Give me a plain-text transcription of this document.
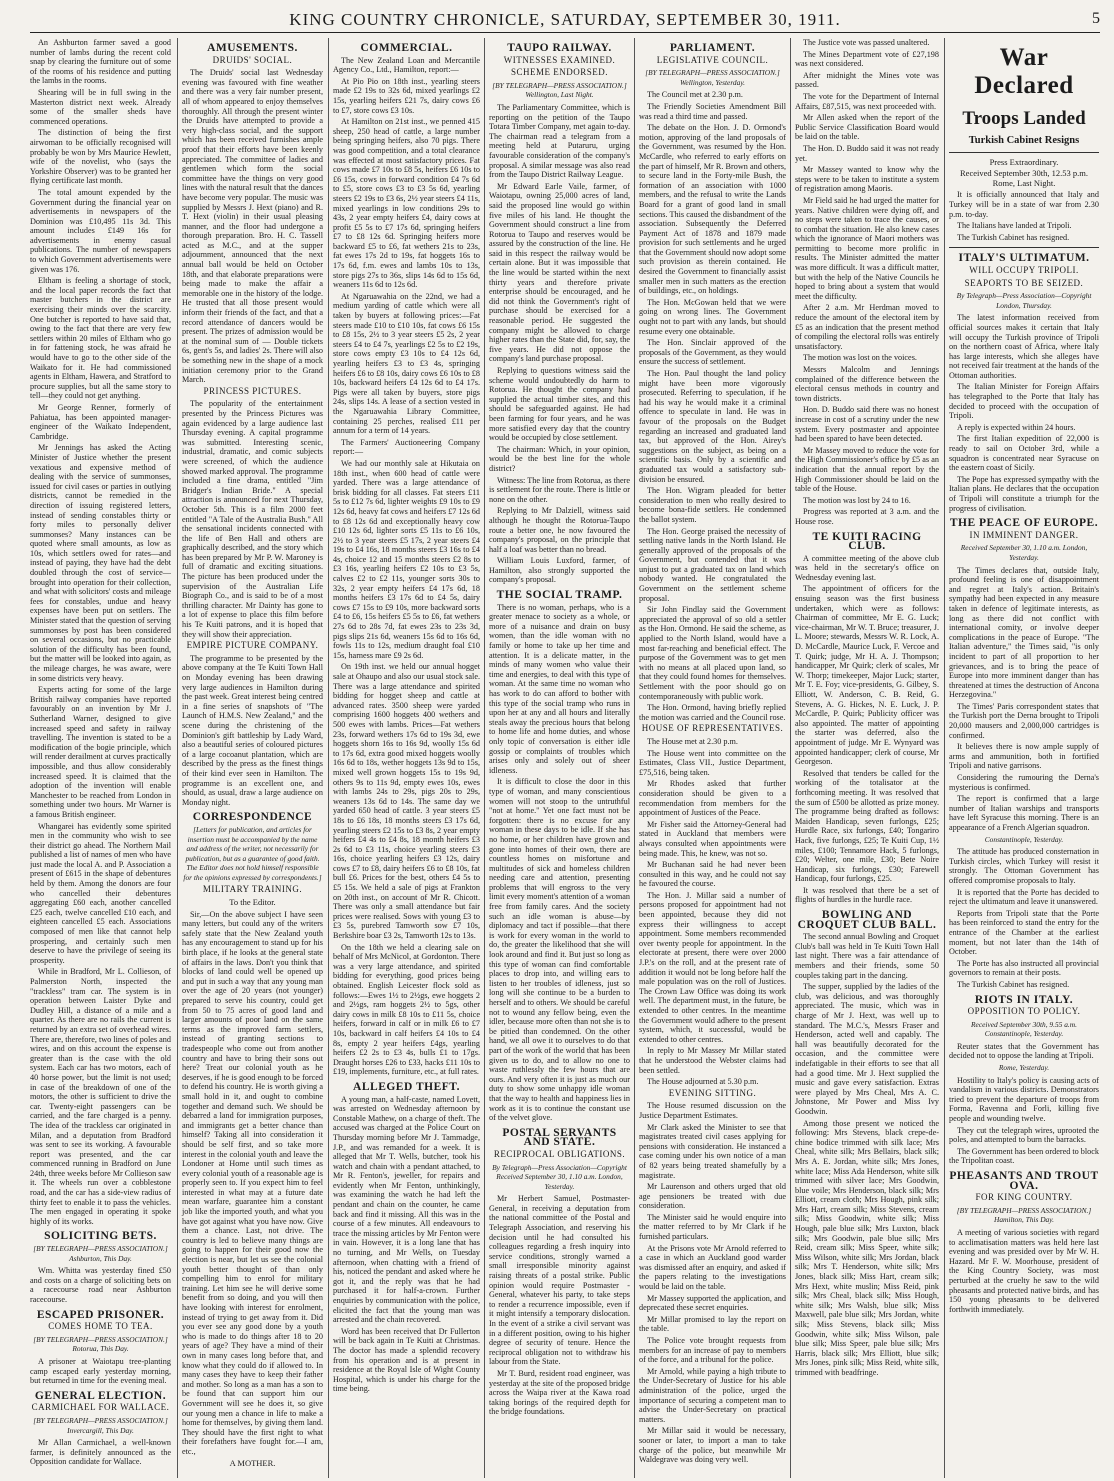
KING COUNTRY CHRONICLE, SATURDAY, SEPTEMBER 30, 1911.	5

An Ashburton farmer saved a good number of lambs during the recent cold snap by clearing the furniture out of some of the rooms of his residence and putting the lambs in the rooms.

Shearing will be in full swing in the Masterton district next week. Already some of the smaller sheds have commenced operations.

The distinction of being the first airwoman to be officially recognised will probably be won by Mrs Maurice Hewlett, wife of the novelist, who (says the Yorkshire Observer) was to be granted her flying certificate last month.

The total amount expended by the Government during the financial year on advertisements in newspapers of the Dominion was £10,495 11s 3d. This amount includes £149 16s for advertisements in enemy casual publications. The number of newspapers to which Government advertisements were given was 176.

Eltham is feeling a shortage of stock, and the local paper records the fact that master butchers in the district are exercising their minds over the scarcity. One butcher is reported to have said that, owing to the fact that there are very few settlers within 20 miles of Eltham who go in for fattening stock, he was afraid he would have to go to the other side of the Waikato for it. He had commissioned agents in Eltham, Hawera, and Stratford to procure supplies, but all the same story to tell—they could not get anything.

Mr George Renner, formerly of Pahiatua, has been appointed manager-engineer of the Waikato Independent, Cambridge.

Mr Jennings has asked the Acting Minister of Justice whether the present vexatious and expensive method of dealing with the service of summonses, issued for civil cases or parties in outlying districts, cannot be remedied in the direction of issuing registered letters, instead of sending constables thirty or forty miles to personally deliver summonses? Many instances can be quoted where small amounts, as low as 10s, which settlers owed for rates—and instead of paying, they have had the debt doubled through the cost of service—brought into operation for their collection, and what with solicitors' costs and mileage fees for constables, undue and heavy expenses have been put on settlers. The Minister stated that the question of serving summonses by post has been considered on several occasions, but no practicable solution of the difficulty has been found, but the matter will be looked into again, as the mileage charges, he was aware, were in some districts very heavy.

Experts acting for some of the large British railway companies have reported favourably on an invention by Mr J. Sutherland Warner, designed to give increased speed and safety in railway travelling. The invention is stated to be a modification of the bogie principle, which will render derailment at curves practically impossible, and thus allow considerably increased speed. It is claimed that the adoption of the invention will enable Manchester to be reached from London in something under two hours. Mr Warner is a famous British engineer.

Whangarei has evidently some spirited men in the community who wish to see their district go ahead. The Northern Mail published a list of names of men who have just made the local A. and P. Association a present of £615 in the shape of debentures held by them. Among the donors are four who cancelled their debentures aggregating £60 each, another cancelled £25 each, twelve cancelled £10 each, and eighteen cancelled £5 each. Associations composed of men like that cannot help prospering, and certainly such men deserve to have the privilege of seeing its prosperity.

While in Bradford, Mr L. Collieson, of Palmerston North, inspected the "trackless" tram car. The system is in operation between Laister Dyke and Dudley Hill, a distance of a mile and a quarter. As there are no rails the current is returned by an extra set of overhead wires. There are, therefore, two lines of poles and wires, and on this account the expense is greater than is the case with the old system. Each car has two motors, each of 40 horse power, but the limit is not used; in case of the breakdown of one of the motors, the other is sufficient to drive the car. Twenty-eight passengers can be carried, and the fare charged is a penny. The idea of the trackless car originated in Milan, and a deputation from Bradford was sent to see its working. A favourable report was presented, and the car commenced running in Bradford on June 24th, three weeks before Mr Collieson saw it. The wheels run over a cobblestone road, and the car has a side-view radius of thirty feet to enable it to pass the vehicles. The men engaged in operating it spoke highly of its works.

SOLICITING BETS.
[BY TELEGRAPH—PRESS ASSOCIATION.] Ashburton, This Day.

Wm. Whitta was yesterday fined £50 and costs on a charge of soliciting bets on a racecourse road near Ashburton racecourse.

ESCAPED PRISONER.
COMES HOME TO TEA.
[BY TELEGRAPH—PRESS ASSOCIATION.] Rotorua, This Day.

A prisoner at Waiotapu tree-planting camp escaped early yesterday morning, but returned in time for the evening meal.

GENERAL ELECTION.
CARMICHAEL FOR WALLACE.
[BY TELEGRAPH—PRESS ASSOCIATION.] Invercargill, This Day.

Mr Allan Carmichael, a well-known farmer, is definitely announced as the Opposition candidate for Wallace.

AMUSEMENTS.
DRUIDS' SOCIAL.

The Druids' social last Wednesday evening was favoured with fine weather and there was a very fair number present, all of whom appeared to enjoy themselves thoroughly. All through the present winter the Druids have attempted to provide a very high-class social, and the support which has been received furnishes ample proof that their efforts have been keenly appreciated. The committee of ladies and gentlemen which form the social committee have the things on very good lines with the natural result that the dances have become very popular. The music was supplied by Messrs J. Hext (piano) and R. T. Hext (violin) in their usual pleasing manner, and the floor had undergone a thorough preparation. Bro. H. C. Tassell acted as M.C., and at the supper adjournment, announced that the next annual ball would be held on October 18th, and that elaborate preparations were being made to make the affair a memorable one in the history of the lodge. He trusted that all those present would inform their friends of the fact, and that a record attendance of dancers would be present. The prizes of admission would be at the nominal sum of — Double tickets 6s, gent's 5s, and ladies' 2s. There will also be something new in the shape of a mock initiation ceremony prior to the Grand March.

PRINCESS PICTURES.

The popularity of the entertainment presented by the Princess Pictures was again evidenced by a large audience last Thursday evening. A capital programme was submitted. Interesting scenic, industrial, dramatic, and comic subjects were screened, of which the audience showed marked approval. The programme included a fine drama, entitled "Jim Bridger's Indian Bride." A special attraction is announced for next Thursday, October 5th. This is a film 2000 feet entitled "A Tale of the Australia Bush." All the sensational incidents connected with the life of Ben Hall and others are graphically described, and the story which has been prepared by Mr P. W. Maroney is full of dramatic and exciting situations. The picture has been produced under the supervision of the Australian Life Biograph Co., and is said to be of a most thrilling character. Mr Dainty has gone to a lot of expense to place this film before his Te Kuiti patrons, and it is hoped that they will show their appreciation.

EMPIRE PICTURE COMPANY.

The programme to be presented by the above company at the Te Kuiti Town Hall on Monday evening has been drawing very large audiences in Hamilton during the past week. Great interest being centred in a fine series of snapshots of "The Launch of H.M.S. New Zealand," and the scene during the christening of the Dominion's gift battleship by Lady Ward, also a beautiful series of coloured pictures of a large cocoanut plantation, which are described by the press as the finest things of their kind ever seen in Hamilton. The programme is an excellent one, and should, as usual, draw a large audience on Monday night.

CORRESPONDENCE
[Letters for publication, and articles for insertion must be accompanied by the name and address of the writer, not necessarily for publication, but as a guarantee of good faith. The Editor does not hold himself responsible for the opinions expressed by correspondents.]
MILITARY TRAINING.
To the Editor.

Sir,—On the above subject I have seen many letters, but could any of the writers safely state that the New Zealand youth has any encouragement to stand up for his birth place, if he looks at the general state of affairs in the laws. Don't you think that blocks of land could well be opened up and put in such a way that any young man over the age of 20 years (not younger) prepared to serve his country, could get from 50 to 75 acres of good land and larger amounts of poor land on the same terms as the improved farm settlers, instead of granting sections to tradespeople who come out from another country and have to bring their sons out here? Treat our colonial youth as he deserves, if he is good enough to be forced to defend his country. He is worth giving a small hold in it, and ought to combine together and demand such. We should be debarred a land for immigration purposes, and immigrants get a better chance than himself? Taking all into consideration it should be self first, and so take more interest in the colonial youth and leave the Londoner at Home until such times as every colonial youth of a reasonable age is properly seen to. If you expect him to feel interested in what may at a future date mean warfare, guarantee him a constant job like the imported youth, and what you have got against what you have now. Give them a chance. Last, not drive. The country is led to believe many things are going to happen for their good now the election is near, but let us see the colonial youth better thought of than only compelling him to enrol for military training. Let him see he will derive some benefit from so doing, and you will then have looking with interest for enrolment, instead of trying to get away from it. Did you ever see any good done by a youth who is made to do things after 18 to 20 years of age? They have a mind of their own in many cases long before that, and know what they could do if allowed to. In many cases they have to keep their father and mother. So long as a man has a son to be found that can support him our Government will see he does it, so give our young men a chance in life to make a home for themselves, by giving them land. They should have the first right to what their forefathers have fought for.—I am, etc.,

A MOTHER.
COMMERCIAL.

The New Zealand Loan and Mercantile Agency Co., Ltd., Hamilton, report:—

At Pio Pio on 18th inst., yearling steers made £2 19s to 32s 6d, mixed yearlings £2 15s, yearling heifers £21 7s, dairy cows £6 to £7, store cows £3 10s.

At Hamilton on 21st inst., we penned 415 sheep, 250 head of cattle, a large number being springing heifers, also 70 pigs. There was good competition, and a total clearance was effected at most satisfactory prices. Fat cows made £7 10s to £8 5s, heifers £6 10s to £6 15s, cows in forward condition £4 7s 6d to £5, store cows £3 to £3 5s 6d, yearling steers £2 19s to £3 6s, 2½ year steers £4 11s, mixed yearlings in low conditions 29s to 43s, 2 year empty heifers £4, dairy cows at profit £5 5s to £7 17s 6d, springing heifers £7 to £8 12s 6d. Springing heifers more backward £5 to £6, fat wethers 21s to 23s, fat ewes 17s 2d to 19s, fat hoggets 16s to 17s 6d, f.m. ewes and lambs 10s to 13s, store pigs 27s to 36s, slips 14s 6d to 15s 6d, weaners 11s 6d to 12s 6d.

At Ngaruawahia on the 22nd, we had a medium yarding of cattle which were all taken by buyers at following prices:—Fat steers made £10 to £10 10s, fat cows £6 15s to £8 15s, 2½ to 3 year steers £5 2s, 2 year steers £4 to £4 7s, yearlings £2 5s to £2 19s, store cows empty £3 10s to £4 12s 6d, yearling heifers £3 to £3 4s, springing heifers £6 to £8 10s, dairy cows £6 10s to £8 10s, backward heifers £4 12s 6d to £4 17s. Pigs were all taken by buyers, store pigs 24s, slips 14s. A lease of a section vested in the Ngaruawahia Library Committee, containing 25 perches, realised £11 per annum for a term of 14 years.

The Farmers' Auctioneering Company report:—

We had our monthly sale at Hikutaia on 18th inst., when 600 head of cattle were yarded. There was a large attendance of brisk bidding for all classes. Fat steers £11 5s to £12 7s 6d, lighter weights £9 10s to £9 12s 6d, heavy fat cows and heifers £7 12s 6d to £8 12s 6d and exceptionally heavy cow £10 12s 6d, lighter sorts £5 11s to £6 10s, 2½ to 3 year steers £5 17s, 2 year steers £4 19s to £4 16s, 18 months steers £3 16s to £4 4s, choice 12 and 15 months steers £2 8s to £3 16s, yearling heifers £2 10s to £3 5s, calves £2 to £2 11s, younger sorts 30s to 32s, 2 year empty heifers £4 17s 6d, 18 months heifers £3 17s 6d to £4 5s, dairy cows £7 15s to £9 10s, more backward sorts £4 to £6, 15s heifers £5 5s to £6, fat wethers 27s 6d to 28s 7d, fat ewes 23s to 23s 3d, pigs slips 21s 6d, weaners 15s 6d to 16s 6d, fowls 11s to 12s, medium draught foal £10 15s, harness mare £9 2s 6d.

On 19th inst. we held our annual hogget sale at Ohaupo and also our usual stock sale. There was a large attendance and spirited bidding for hogget sheep and cattle at advanced rates. 3500 sheep were yarded comprising 1600 hoggets 400 wethers and 500 ewes with lambs. Prices—Fat wethers 23s, forward wethers 17s 6d to 19s 3d, ewe hoggets shorn 16s to 16s 9d, woolly 15s 6d to 17s 6d, extra good mixed hoggets woolly 16s 6d to 18s, wether hoggets 13s 9d to 15s, mixed well grown hoggets 15s to 19s 9d, others 9s to 11s 9d, empty ewes 10s, ewes with lambs 24s to 29s, pigs 20s to 29s, weaners 13s 6d to 14s. The same day we yarded 650 head of cattle. 3 year steers £5 18s to £6 18s, 18 months steers £3 17s 6d, yearling steers £2 15s to £3 8s, 2 year empty heifers £4 4s to £4 8s, 18 month heifers £3 2s 6d to £3 11s, choice yearling steers £3 16s, choice yearling heifers £3 12s, dairy cows £7 to £8, dairy heifers £6 to £8 10s, fat bull £6. Prices for the best, others £4 5s to £5 15s. We held a sale of pigs at Frankton on 20th inst., on account of Mr R. Chicott. There was only a small attendance but fair prices were realised. Sows with young £3 to £3 5s, purebred Tamworth sow £7 10s, Berkshire boar £3 2s, Tamworth 12s to 13s.

On the 18th we held a clearing sale on behalf of Mrs McNicol, at Gordonton. There was a very large attendance, and spirited bidding for everything, good prices being obtained. English Leicester flock sold as follows:—Ewes 1½ to 2½gs, ewe hoggets 2 and 2½gs, ram hoggets 2½ to 5gs, other dairy cows in milk £8 10s to £11 5s, choice heifers, forward in calf or in milk £6 to £7 10s, backward in calf heifers £4 10s to £4 8s, empty 2 year heifers £4gs, yearling heifers £2 2s to £3 4s, bulls £1 to 17gs. Draught horses £26 to £33, hacks £11 10s to £19, implements, furniture, etc., at full rates.

ALLEGED THEFT.

A young man, a half-caste, named Lovett, was arrested on Wednesday afternoon by Constable Mathew, on a charge of theft. The accused was charged at the Police Court on Thursday morning before Mr J. Tammadge, J.P., and was remanded for a week. It is alleged that Mr T. Wells, butcher, took his watch and chain with a pendant attached, to Mr R. Fenton's, jeweller, for repairs and evidently when Mr Fenton, unthinkingly, was examining the watch he had left the pendant and chain on the counter, he came back and find it missing. All this was in the course of a few minutes. All endeavours to trace the missing articles by Mr Fenton were in vain. However, it is a long lane that has no turning, and Mr Wells, on Tuesday afternoon, when chatting with a friend of his, noticed the pendant and asked where he got it, and the reply was that he had purchased it for half-a-crown. Further enquiries by communication with the police, elicited the fact that the young man was arrested and the chain recovered.

Word has been received that Dr Fullerton will be back again in Te Kuiti at Christmas. The doctor has made a splendid recovery from his operation and is at present in residence at the Royal Isle of Wight County Hospital, which is under his charge for the time being.

TAUPO RAILWAY.
WITNESSES EXAMINED.
SCHEME ENDORSED.
[BY TELEGRAPH—PRESS ASSOCIATION.] Wellington, Last Night.

The Parliamentary Committee, which is reporting on the petition of the Taupo Totara Timber Company, met again to-day. The chairman read a telegram from a meeting held at Putaruru, urging favourable consideration of the company's proposal. A similar message was also read from the Taupo District Railway League.

Mr Edward Earle Vaile, farmer, of Waiotapu, owning 25,000 acres of land, said the proposed line would go within five miles of his land. He thought the Government should construct a line from Rotorua to Taupo and reserves would be assured by the construction of the line. He said in this respect the railway would be certain alone. But it was impossible that the line would be started within the next thirty years and therefore private enterprise should be encouraged, and he did not think the Government's right of purchase should be exercised for a reasonable period. He suggested the company might be allowed to charge higher rates than the State did, for, say, the five years. He did not oppose the company's land purchase proposal.

Replying to questions witness said the scheme would undoubtedly do harm to Rotorua. He thought the company had supplied the actual timber sites, and this should be safeguarded against. He had been farming for four years, and he was more satisfied every day that the country would be occupied by close settlement.

The chairman: Which, in your opinion, would be the best line for the whole district?

Witness: The line from Rotorua, as there is settlement for the route. There is little or none on the other.

Replying to Mr Dalziell, witness said although he thought the Rotorua-Taupo route a better one, he now favoured the company's proposal, on the principle that half a loaf was better than no bread.

William Louis Luxford, farmer, of Hamilton, also strongly supported the company's proposal.

THE SOCIAL TRAMP.

There is no woman, perhaps, who is a greater menace to society as a whole, or more of a nuisance and drain on busy women, than the idle woman with no family or home to take up her time and attention. It is a delicate matter, in the minds of many women who value their time and energies, to deal with this type of woman. At the same time no woman who has work to do can afford to bother with this type of the social tramp who runs in upon her at any and all hours and literally steals away the precious hours that belong to home life and home duties, and whose only topic of conversation is either idle gossip or complaints of troubles which arises only and solely out of sheer idleness.

It is difficult to close the door in this type of woman, and many conscientious women will not stoop to the untruthful "not at home." Yet one fact must not be forgotten: there is no excuse for any woman in these days to be idle. If she has no home, or her children have grown and gone into homes of their own, there are countless homes on misfortune and multitudes of sick and homeless children needing care and attention, presenting problems that will engross to the very limit every moment's attention of a woman free from family cares. And the society such an idle woman is abuse—by diplomacy and tact if possible—that there is work for every woman in the world to do, the greater the likelihood that she will look around and find it. But just so long as this type of woman can find comfortable places to drop into, and willing ears to listen to her troubles of idleness, just so long will she continue to be a burden to herself and to others. We should be careful not to wound any fellow being, even the idler, because more often than not she is to be pitied than condemned. On the other hand, we all owe it to ourselves to do that part of the work of the world that has been given us to do, and to allow no one to waste ruthlessly the few hours that are ours. And very often it is just as much our duty to show some unhappy idle woman that the way to health and happiness lies in work as it is to continue the constant use of the velvet glove.

POSTAL SERVANTS AND STATE.
RECIPROCAL OBLIGATIONS.
By Telegraph—Press Association—Copyright Received September 30, 1.10 a.m. London, Yesterday.

Mr Herbert Samuel, Postmaster-General, in receiving a deputation from the national committee of the Postal and Telegraph Association, and reserving his decision until he had consulted his colleagues regarding a fresh inquiry into service conditions, strongly warned a small irresponsible minority against raising threats of a postal strike. Public opinion would require Postmaster - General, whatever his party, to take steps to render a recurrence impossible, even if it might intensify a temporary dislocation. In the event of a strike a civil servant was in a different position, owing to his higher degree of security of tenure. Hence the reciprocal obligation not to withdraw his labour from the State.

Mr T. Burd, resident road engineer, was yesterday at the site of the proposed bridge across the Waipa river at the Kawa road taking borings of the required depth for the bridge foundations.

PARLIAMENT.
LEGISLATIVE COUNCIL.
[BY TELEGRAPH—PRESS ASSOCIATION.] Wellington, Yesterday.

The Council met at 2.30 p.m.

The Friendly Societies Amendment Bill was read a third time and passed.

The debate on the Hon. J. D. Ormond's motion, approving of the land proposals of the Government, was resumed by the Hon. McCardle, who referred to early efforts on the part of himself, Mr R. Brown and others, to secure land in the Forty-mile Bush, the formation of an association with 1000 members, and the refusal to write the Lands Board for a grant of good land in small sections. This caused the disbandment of the association. Subsequently the Deferred Payment Act of 1878 and 1879 made provision for such settlements and he urged that the Government should now adopt some such provision as therein contained. He desired the Government to financially assist smaller men in such matters as the erection of buildings, etc., on holdings.

The Hon. McGowan held that we were going on wrong lines. The Government ought not to part with any lands, but should resume every one obtainable.

The Hon. Sinclair approved of the proposals of the Government, as they would ensure the success of settlement.

The Hon. Paul thought the land policy might have been more vigorously prosecuted. Referring to speculation, if he had his way he would make it a criminal offence to speculate in land. He was in favour of the proposals on the Budget regarding an increased and graduated land tax, but approved of the Hon. Airey's suggestions on the subject, as being on a scientific basis. Only by a scientific and graduated tax would a satisfactory sub-division be ensured.

The Hon. Wigram pleaded for better consideration to men who really desired to become bona-fide settlers. He condemned the ballot system.

The Hon. George praised the necessity of settling native lands in the North Island. He generally approved of the proposals of the Government, but contended that it was unjust to put a graduated tax on land which nobody wanted. He congratulated the Government on the settlement scheme proposal.

Sir John Findlay said the Government appreciated the approval of so old a settler as the Hon. Ormond. He said the scheme, as applied to the North Island, would have a most far-reaching and beneficial effect. The purpose of the Government was to get men with no means at all placed upon land, so that they could found homes for themselves. Settlement with the poor should go on contemporaneously with public work.

The Hon. Ormond, having briefly replied the motion was carried and the Council rose.

HOUSE OF REPRESENTATIVES.

The House met at 2.30 p.m.

The House went into committee on the Estimates, Class VII., Justice Department, £75,516, being taken.

Mr Rhodes asked that further consideration should be given to a recommendation from members for the appointment of Justices of the Peace.

Mr Fisher said the Attorney-General had stated in Auckland that members were always consulted when appointments were being made. This, he knew, was not so.

Mr Buchanan said he had never been consulted in this way, and he could not say he favoured the course.

The Hon. J. Millar said a number of persons proposed for appointment had not been appointed, because they did not express their willingness to accept appointment. Some members recommended over twenty people for appointment. In the electorate at present, there were over 2000 J.P.'s on the roll, and at the present rate of addition it would not be long before half the male population was on the roll of Justices. The Crown Law Office was doing its work well. The department must, in the future, be extended to other centres. In the meantime the Government would adhere to the present system, which, it successful, would be extended to other centres.

In reply to Mr Massey Mr Millar stated that he understood the Webster claims had been settled.

The House adjourned at 5.30 p.m.

EVENING SITTING.

The House resumed discussion on the Justice Department Estimates.

Mr Clark asked the Minister to see that magistrates treated civil cases applying for pensions with consideration. He instanced a case coming under his own notice of a man of 82 years being treated shamefully by a magistrate.

Mr Laurenson and others urged that old age pensioners be treated with due consideration.

The Minister said he would enquire into the matter referred to by Mr Clark if he furnished particulars.

At the Prisons vote Mr Arnold referred to a case in which an Auckland good warder was dismissed after an enquiry, and asked if the papers relating to the investigations would be laid on the table.

Mr Massey supported the application, and deprecated these secret enquiries.

Mr Millar promised to lay the report on the table.

The Police vote brought requests from members for an increase of pay to members of the force, and a tribunal for the police.

Mr Arnold, while paying a high tribute to the Under-Secretary of Justice for his able administration of the police, urged the importance of securing a competent man to advise the Under-Secretary on practical matters.

Mr Millar said it would be necessary, sooner or later, to import a man to take charge of the police, but meanwhile Mr Waldegrave was doing very well.

The Justice vote was passed unaltered.

The Mines Department vote of £27,198 was next considered.

After midnight the Mines vote was passed.

The vote for the Department of Internal Affairs, £87,515, was next proceeded with.

Mr Allen asked when the report of the Public Service Classification Board would be laid on the table.

The Hon. D. Buddo said it was not ready yet.

Mr Massey wanted to know why the steps were to be taken to institute a system of registration among Maoris.

Mr Field said he had urged the matter for years. Native children were dying off, and no steps were taken to trace the causes, or to combat the situation. He also knew cases which the ignorance of Maori mothers was permitting to become more prolific in results. The Minister admitted the matter was more difficult. It was a difficult matter, but with the help of the Native Councils he hoped to bring about a system that would meet the difficulty.

After 2 a.m. Mr Herdman moved to reduce the amount of the electoral item by £5 as an indication that the present method of compiling the electoral rolls was entirely unsatisfactory.

The motion was lost on the voices.

Messrs Malcolm and Jennings complained of the difference between the electoral census methods in country and town districts.

Hon. D. Buddo said there was no honest increase in cost of a scrutiny under the new system. Every postmaster and appointee had been spared to have been detected.

Mr Massey moved to reduce the vote for the High Commissioner's office by £5 as an indication that the annual report by the High Commissioner should be laid on the table of the House.

The motion was lost by 24 to 16.

Progress was reported at 3 a.m. and the House rose.

TE KUITI RACING CLUB.

A committee meeting of the above club was held in the secretary's office on Wednesday evening last.

The appointment of officers for the ensuing season was the first business undertaken, which were as follows: Chairman of committee, Mr E. G. Luck; vice-chairman, Mr W. T. Bruce; treasurer, J. L. Moore; stewards, Messrs W. R. Lock, A. D. McCardle, Maurice Luck, F. Vercoe and T. Quirk; judge, Mr H. A. J. Thompson; handicapper, Mr Quirk; clerk of scales, Mr W. Thorp; timekeeper, Major Luck; starter, Mr T. E. Foy; vice-presidents, G. Gilbey, S. Elliott, W. Anderson, C. B. Reid, G. Stevens, A. G. Hickes, N. E. Luck, J. P. McCardle, P. Quirk; Publicity officer was also appointed. The matter of appointing the starter was deferred, also the appointment of judge. Mr E. Wynyard was appointed handicapper; clerk of course, Mr Georgeson.

Resolved that tenders be called for the working of the totalisator at the forthcoming meeting. It was resolved that the sum of £500 be allotted as prize money. The programme being drafted as follows: Maiden Handicap, seven furlongs, £25; Hurdle Race, six furlongs, £40; Tongariro Hack, five furlongs, £25; Te Kuiti Cup, 1½ miles, £100; Tennamore Hack, 5 furlongs, £20; Welter, one mile, £30; Bete Noire Handicap, six furlongs, £30; Farewell Handicap, four furlongs, £25.

It was resolved that there be a set of flights of hurdles in the hurdle race.

BOWLING AND CROQUET CLUB BALL.

The second annual Bowling and Croquet Club's ball was held in Te Kuiti Town Hall last night. There was a fair attendance of members and their friends, some 50 couples taking part in the dancing.

The supper, supplied by the ladies of the club, was delicious, and was thoroughly appreciated. The music, which was in charge of Mr J. Hext, was well up to standard. The M.C.'s, Messrs Fraser and Henderson, acted well and capably. The hall was beautifully decorated for the occasion, and the committee were indefatigable in their efforts to see that all had a good time. Mr J. Hext supplied the music and gave every satisfaction. Extras were played by Mrs Cheal, Mrs A. C. Johnstone, Mr Power and Miss Ivy Goodwin.

Among those present we noticed the following: Mrs Stevens, black crepe-de-chine bodice trimmed with silk lace; Mrs Cheal, white silk; Mrs Bellairs, black silk; Mrs A. E. Jordan, white silk; Mrs Jones, white lace; Miss Ada Henderson, white silk trimmed with silver lace; Mrs Goodwin, blue voile; Mrs Henderson, black silk; Mrs Elliott, cream cloth; Mrs Hough, pink silk; Mrs Hart, cream silk; Miss Stevens, cream silk; Miss Goodwin, white silk; Miss Hough, pale blue silk; Mrs Luxton, black silk; Mrs Goodwin, pale blue silk; Mrs Reid, cream silk; Miss Speer, white silk; Miss Wilson, white silk; Mrs Jordan, black silk; Mrs T. Henderson, white silk; Mrs Jones, black silk; Miss Hart, cream silk; Mrs Hext, white muslin; Miss Reid, pink silk; Mrs Cheal, black silk; Miss Hough, white silk; Mrs Walsh, blue silk; Miss Maxwell, pale blue silk; Mrs Jordan, white silk; Miss Stevens, black silk; Miss Goodwin, white silk; Miss Wilson, pale blue silk; Miss Speer, pale blue silk; Mrs Harris, black silk; Mrs Elliott, blue silk; Mrs Jones, pink silk; Miss Reid, white silk, trimmed with beadfringe.

War Declared
Troops Landed
Turkish Cabinet Resigns
Press Extraordinary.
Received September 30th, 12.53 p.m. Rome, Last Night.

It is officially announced that Italy and Turkey will be in a state of war from 2.30 p.m. to-day.

The Italians have landed at Tripoli.

The Turkish Cabinet has resigned.

ITALY'S ULTIMATUM.
WILL OCCUPY TRIPOLI.
SEAPORTS TO BE SEIZED.
By Telegraph—Press Association—Copyright London, Thursday.

The latest information received from official sources makes it certain that Italy will occupy the Turkish province of Tripoli on the northern coast of Africa, where Italy has large interests, which she alleges have not received fair treatment at the hands of the Ottoman authorities.

The Italian Minister for Foreign Affairs has telegraphed to the Porte that Italy has decided to proceed with the occupation of Tripoli.

A reply is expected within 24 hours.

The first Italian expedition of 22,000 is ready to sail on October 3rd, while a squadron is concentrated near Syracuse on the eastern coast of Sicily.

The Pope has expressed sympathy with the Italian plans. He declares that the occupation of Tripoli will constitute a triumph for the progress of civilisation.

THE PEACE OF EUROPE.
IN IMMINENT DANGER.
Received September 30, 1.10 a.m. London, Yesterday.

The Times declares that, outside Italy, profound feeling is one of disappointment and regret at Italy's action. Britain's sympathy had been expected in any measure taken in defence of legitimate interests, as long as there did not conflict with international comity, or involve deeper complications in the peace of Europe. "The Italian adventure," the Times said, "is only incident to part of all proportion to her grievances, and is to bring the peace of Europe into more imminent danger than has threatened at times the destruction of Ancona Herzegovina."

The Times' Paris correspondent states that the Turkish port the Derna brought to Tripoli 20,000 mausers and 2,000,000 cartridges is confirmed.

It believes there is now ample supply of arms and ammunition, both in fortified Tripoli and native garrisons.

Considering the rumouring the Derna's mysterious is confirmed.

The report is confirmed that a large number of Italian warships and transports have left Syracuse this morning. There is an appearance of a French Algerian squadron.

Constantinople, Yesterday.

The attitude has produced consternation in Turkish circles, which Turkey will resist it strongly. The Ottoman Government has offered compromise proposals to Italy.

It is reported that the Porte has decided to reject the ultimatum and leave it unanswered.

Reports from Tripoli state that the Porte has been reinforced to stand the entry for the entrance of the Chamber at the earliest moment, but not later than the 14th of October.

The Porte has also instructed all provincial governors to remain at their posts.

The Turkish Cabinet has resigned.

RIOTS IN ITALY.
OPPOSITION TO POLICY.
Received September 30th, 9.55 a.m. Constantinople, Yesterday.

Reuter states that the Government has decided not to oppose the landing at Tripoli.

Rome, Yesterday.

Hostility to Italy's policy is causing acts of vandalism in various districts. Demonstrators tried to prevent the departure of troops from Forma, Ravenna and Forli, killing five people and wounding twelve.

They cut the telegraph wires, uprooted the poles, and attempted to burn the barracks.

The Government has been ordered to block the Tripolitan coast.

PHEASANTS AND TROUT OVA.
FOR KING COUNTRY.
[BY TELEGRAPH—PRESS ASSOCIATION.] Hamilton, This Day.

A meeting of various societies with regard to acclimatisation matters was held here last evening and was presided over by Mr W. H. Hazard. Mr F. W. Moorhouse, president of the King Country Society, was most perturbed at the cruelty he saw to the wild pheasants and protected native birds, and has 150 young pheasants to be delivered forthwith immediately.
